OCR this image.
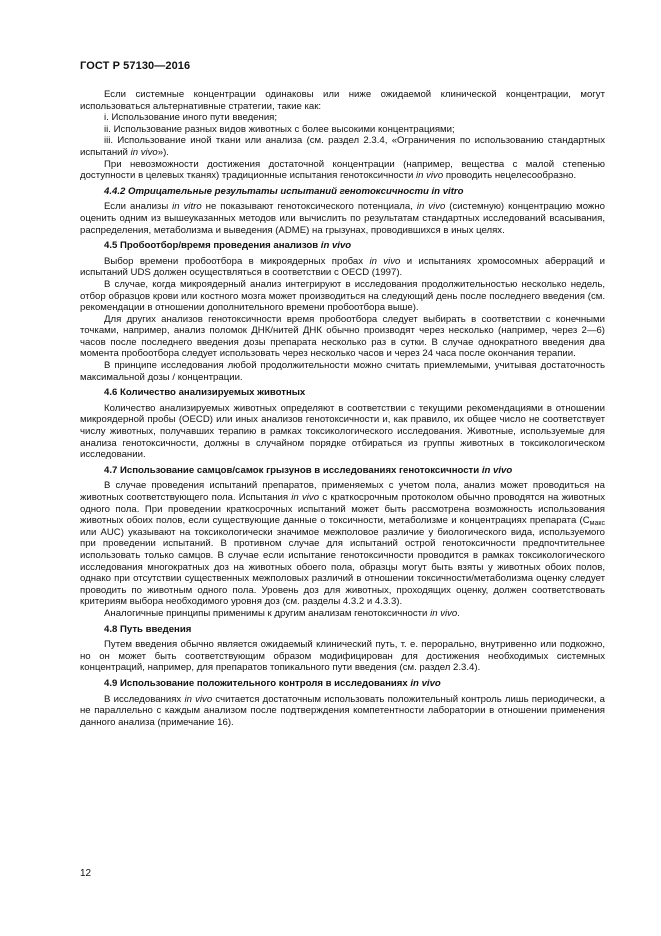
ГОСТ Р 57130—2016

Если системные концентрации одинаковы или ниже ожидаемой клинической концентрации, могут использоваться альтернативные стратегии, такие как:

i. Использование иного пути введения;

ii. Использование разных видов животных с более высокими концентрациями;

iii. Использование иной ткани или анализа (см. раздел 2.3.4, «Ограничения по использованию стандартных испытаний in vivo»).

При невозможности достижения достаточной концентрации (например, вещества с малой степенью доступности в целевых тканях) традиционные испытания генотоксичности in vivo проводить нецелесообразно.

4.4.2 Отрицательные результаты испытаний генотоксичности in vitro

Если анализы in vitro не показывают генотоксического потенциала, in vivo (системную) концентрацию можно оценить одним из вышеуказанных методов или вычислить по результатам стандартных исследований всасывания, распределения, метаболизма и выведения (ADME) на грызунах, проводившихся в иных целях.

4.5 Пробоотбор/время проведения анализов in vivo

Выбор времени пробоотбора в микроядерных пробах in vivo и испытаниях хромосомных аберраций и испытаний UDS должен осуществляться в соответствии с OECD (1997).

В случае, когда микроядерный анализ интегрируют в исследования продолжительностью несколько недель, отбор образцов крови или костного мозга может производиться на следующий день после последнего введения (см. рекомендации в отношении дополнительного времени пробоотбора выше).

Для других анализов генотоксичности время пробоотбора следует выбирать в соответствии с конечными точками, например, анализ поломок ДНК/нитей ДНК обычно производят через несколько (например, через 2—6) часов после последнего введения дозы препарата несколько раз в сутки. В случае однократного введения два момента пробоотбора следует использовать через несколько часов и через 24 часа после окончания терапии.

В принципе исследования любой продолжительности можно считать приемлемыми, учитывая достаточность максимальной дозы / концентрации.

4.6 Количество анализируемых животных

Количество анализируемых животных определяют в соответствии с текущими рекомендациями в отношении микроядерной пробы (OECD) или иных анализов генотоксичности и, как правило, их общее число не соответствует числу животных, получавших терапию в рамках токсикологического исследования. Животные, используемые для анализа генотоксичности, должны в случайном порядке отбираться из группы животных в токсикологическом исследовании.

4.7 Использование самцов/самок грызунов в исследованиях генотоксичности in vivo

В случае проведения испытаний препаратов, применяемых с учетом пола, анализ может проводиться на животных соответствующего пола. Испытания in vivo с краткосрочным протоколом обычно проводятся на животных одного пола. При проведении краткосрочных испытаний может быть рассмотрена возможность использования животных обоих полов, если существующие данные о токсичности, метаболизме и концентрациях препарата ($C_{макс}$ или AUC) указывают на токсикологически значимое межполовое различие у биологического вида, используемого при проведении испытаний. В противном случае для испытаний острой генотоксичности предпочтительнее использовать только самцов. В случае если испытание генотоксичности проводится в рамках токсикологического исследования многократных доз на животных обоего пола, образцы могут быть взяты у животных обоих полов, однако при отсутствии существенных межполовых различий в отношении токсичности/метаболизма оценку следует проводить по животным одного пола. Уровень доз для животных, проходящих оценку, должен соответствовать критериям выбора необходимого уровня доз (см. разделы 4.3.2 и 4.3.3).

Аналогичные принципы применимы к другим анализам генотоксичности in vivo.

4.8 Путь введения

Путем введения обычно является ожидаемый клинический путь, т. е. перорально, внутривенно или подкожно, но он может быть соответствующим образом модифицирован для достижения необходимых системных концентраций, например, для препаратов топикального пути введения (см. раздел 2.3.4).

4.9 Использование положительного контроля в исследованиях in vivo

В исследованиях in vivo считается достаточным использовать положительный контроль лишь периодически, а не параллельно с каждым анализом после подтверждения компетентности лаборатории в отношении применения данного анализа (примечание 16).

12
